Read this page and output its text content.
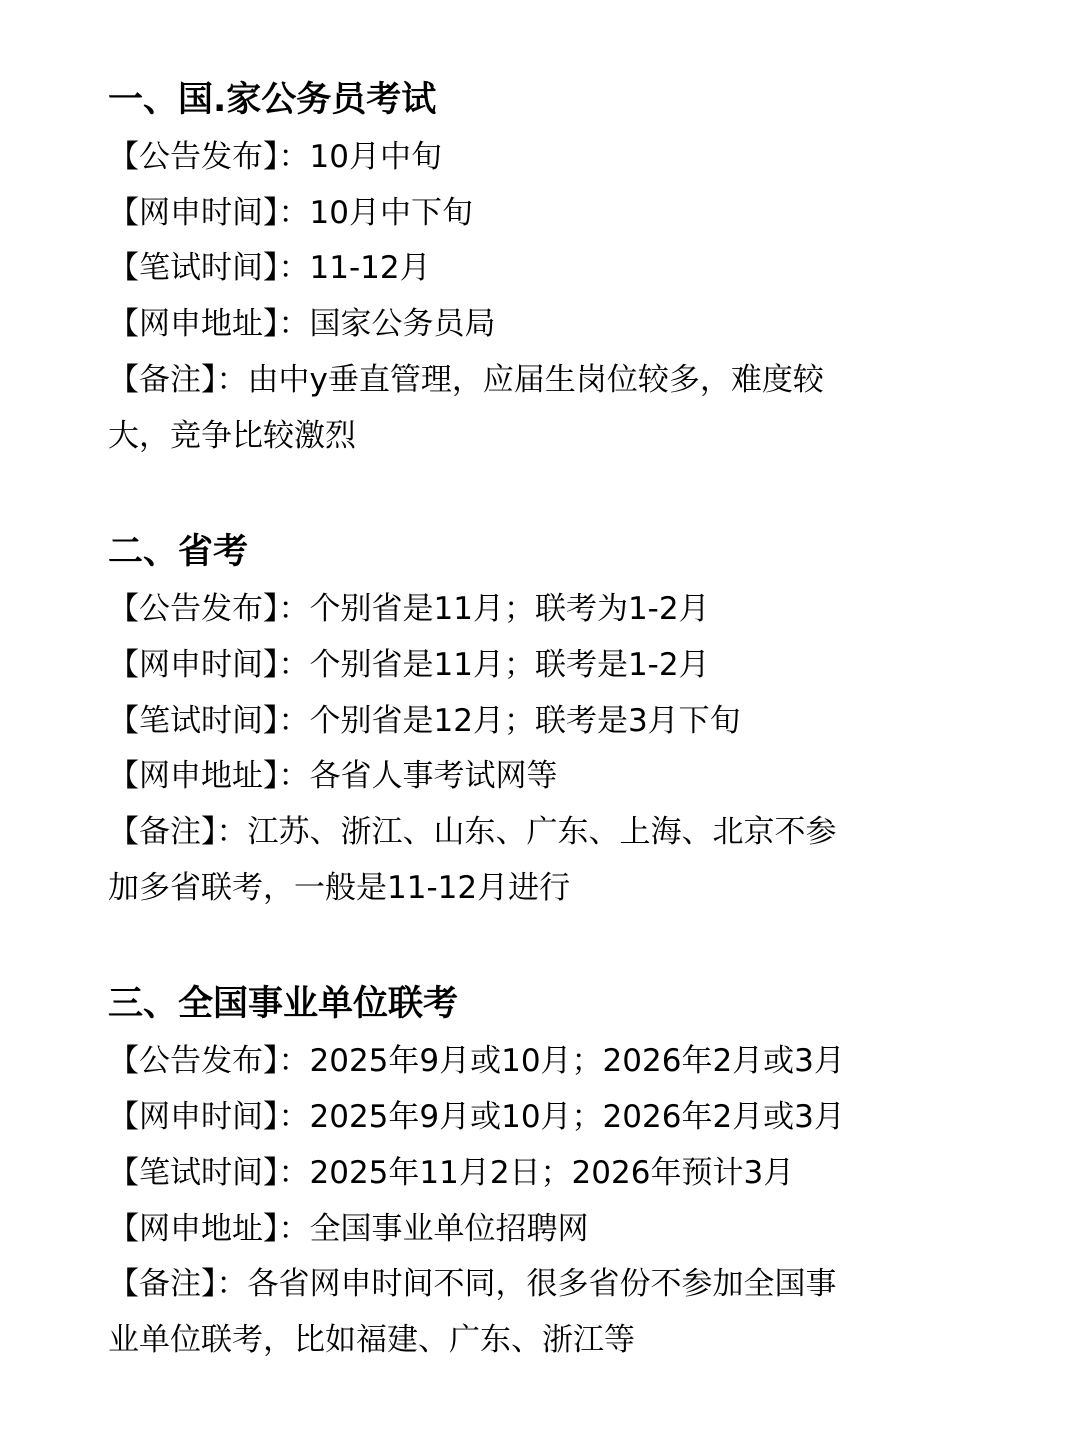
一、国.家公务员考试
【公告发布】：10月中旬
【网申时间】：10月中下旬
【笔试时间】：11-12月
【网申地址】：国家公务员局
【备注】：由中y垂直管理，应届生岗位较多，难度较
大，竞争比较激烈
二、省考
【公告发布】：个别省是11月；联考为1-2月
【网申时间】：个别省是11月；联考是1-2月
【笔试时间】：个别省是12月；联考是3月下旬
【网申地址】：各省人事考试网等
【备注】：江苏、浙江、山东、广东、上海、北京不参
加多省联考，一般是11-12月进行
三、全国事业单位联考
【公告发布】：2025年9月或10月；2026年2月或3月
【网申时间】：2025年9月或10月；2026年2月或3月
【笔试时间】：2025年11月2日；2026年预计3月
【网申地址】：全国事业单位招聘网
【备注】：各省网申时间不同，很多省份不参加全国事
业单位联考，比如福建、广东、浙江等
